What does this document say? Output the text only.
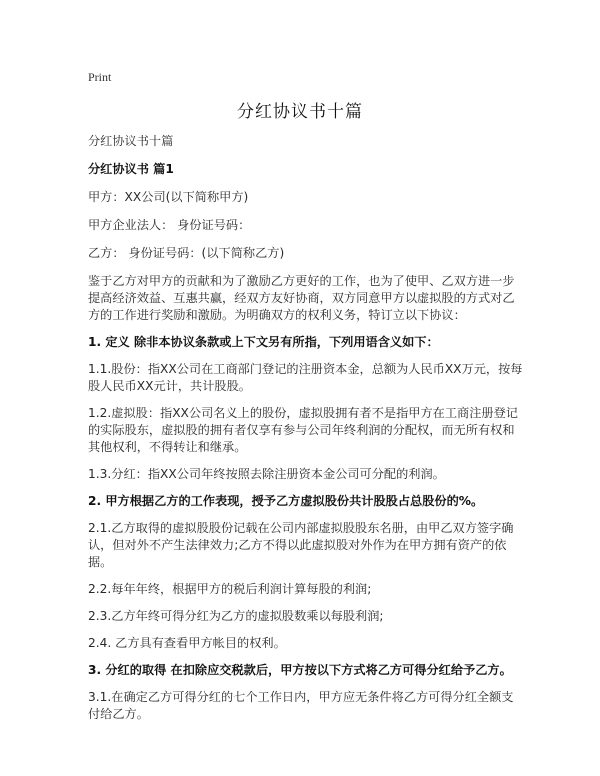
Print
分红协议书十篇

分红协议书十篇

分红协议书 篇1

甲方：XX公司(以下简称甲方)

甲方企业法人： 身份证号码：

乙方： 身份证号码：(以下简称乙方)

鉴于乙方对甲方的贡献和为了激励乙方更好的工作，也为了使甲、乙双方进一步提高经济效益、互惠共赢，经双方友好协商，双方同意甲方以虚拟股的方式对乙方的工作进行奖励和激励。为明确双方的权利义务，特订立以下协议：

1. 定义 除非本协议条款或上下文另有所指，下列用语含义如下：

1.1.股份：指XX公司在工商部门登记的注册资本金，总额为人民币XX万元，按每股人民币XX元计，共计股股。

1.2.虚拟股：指XX公司名义上的股份，虚拟股拥有者不是指甲方在工商注册登记的实际股东，虚拟股的拥有者仅享有参与公司年终利润的分配权，而无所有权和其他权利，不得转让和继承。

1.3.分红：指XX公司年终按照去除注册资本金公司可分配的利润。

2. 甲方根据乙方的工作表现，授予乙方虚拟股份共计股股占总股份的%。

2.1.乙方取得的虚拟股股份记载在公司内部虚拟股股东名册，由甲乙双方签字确认，但对外不产生法律效力;乙方不得以此虚拟股对外作为在甲方拥有资产的依据。

2.2.每年年终，根据甲方的税后利润计算每股的利润;

2.3.乙方年终可得分红为乙方的虚拟股数乘以每股利润;

2.4. 乙方具有查看甲方帐目的权利。

3. 分红的取得 在扣除应交税款后，甲方按以下方式将乙方可得分红给予乙方。

3.1.在确定乙方可得分红的七个工作日内，甲方应无条件将乙方可得分红全额支付给乙方。
